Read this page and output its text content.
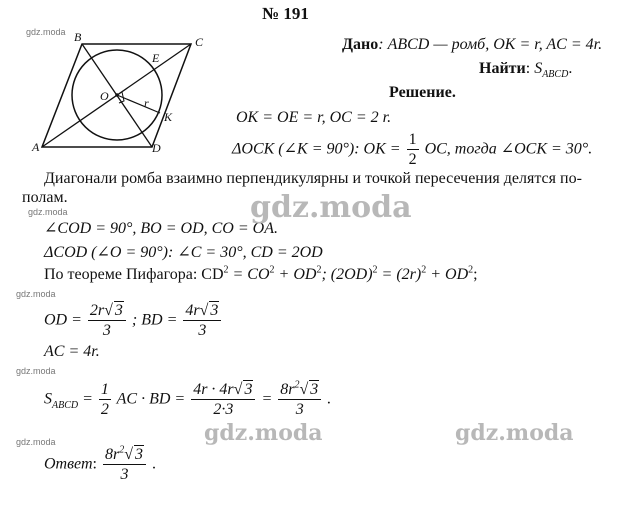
№ 191
B	C
A	D
O
E
K
r
Дано: ABCD — ромб, OK = r, AC = 4r.
Найти: $S_{ABCD}$.
Решение.
OK = OE = r, OC = 2 r.
ΔOCK (∠K = 90°): OK = $\frac{1}{2}$ OC, тогда ∠OCK = 30°.
Диагонали ромба взаимно перпендикулярны и точкой пересечения делятся по-
полам.
∠COD = 90°, BO = OD, CO = OA.
ΔCOD (∠O = 90°): ∠C = 30°, CD = 2OD
По теореме Пифагора: $CD^2 = CO^2 + OD^2$; $(2OD)^2 = (2r)^2 + OD^2$;
OD = $\frac{2r√ 3}{3}$ ; BD = $\frac{4r√ 3}{3}$
AC = 4r.
$S_{ABCD} = \frac{1}{2}$ AC · BD = $\frac{4r \cdot 4r√ 3}{2\cdot 3} = \frac{8r^2√ 3}{3}$ .
Ответ: $\frac{8r^2√ 3}{3}$ .
gdz.moda
gdz.moda
gdz.moda
gdz.moda
gdz.moda
gdz.moda
gdz.moda	gdz.moda
